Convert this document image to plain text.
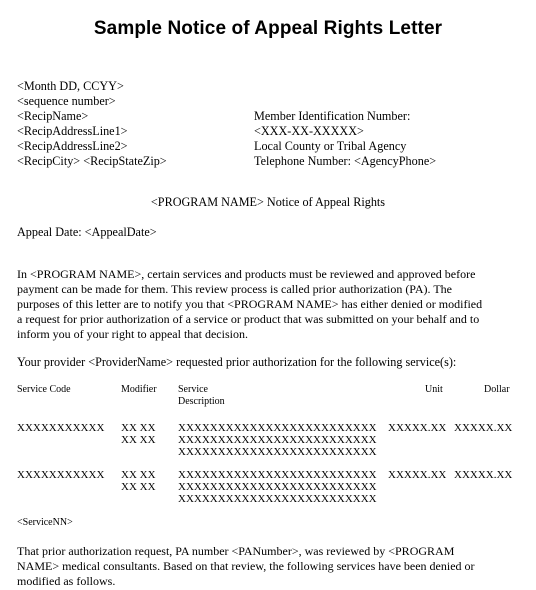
Sample Notice of Appeal Rights Letter
<Month DD, CCYY>
<sequence number>
<RecipName>
<RecipAddressLine1>
<RecipAddressLine2>
<RecipCity> <RecipStateZip>
Member Identification Number:
<XXX-XX-XXXXX>
Local County or Tribal Agency
Telephone Number: <AgencyPhone>
<PROGRAM NAME> Notice of Appeal Rights
Appeal Date: <AppealDate>
In <PROGRAM NAME>, certain services and products must be reviewed and approved before
payment can be made for them. This review process is called prior authorization (PA). The
purposes of this letter are to notify you that <PROGRAM NAME> has either denied or modified
a request for prior authorization of a service or product that was submitted on your behalf and to
inform you of your right to appeal that decision.
Your provider <ProviderName> requested prior authorization for the following service(s):
Service Code	Modifier Service
Description
Unit	Dollar
XXXXXXXXXXX XX XX
XX XX
XXXXXXXXXXXXXXXXXXXXXXXXX
XXXXXXXXXXXXXXXXXXXXXXXXX
XXXXXXXXXXXXXXXXXXXXXXXXX
XXXXX.XX XXXXX.XX
XXXXXXXXXXX XX XX
XX XX
XXXXXXXXXXXXXXXXXXXXXXXXX
XXXXXXXXXXXXXXXXXXXXXXXXX
XXXXXXXXXXXXXXXXXXXXXXXXX
XXXXX.XX XXXXX.XX
<ServiceNN>
That prior authorization request, PA number <PANumber>, was reviewed by <PROGRAM
NAME> medical consultants. Based on that review, the following services have been denied or
modified as follows.
